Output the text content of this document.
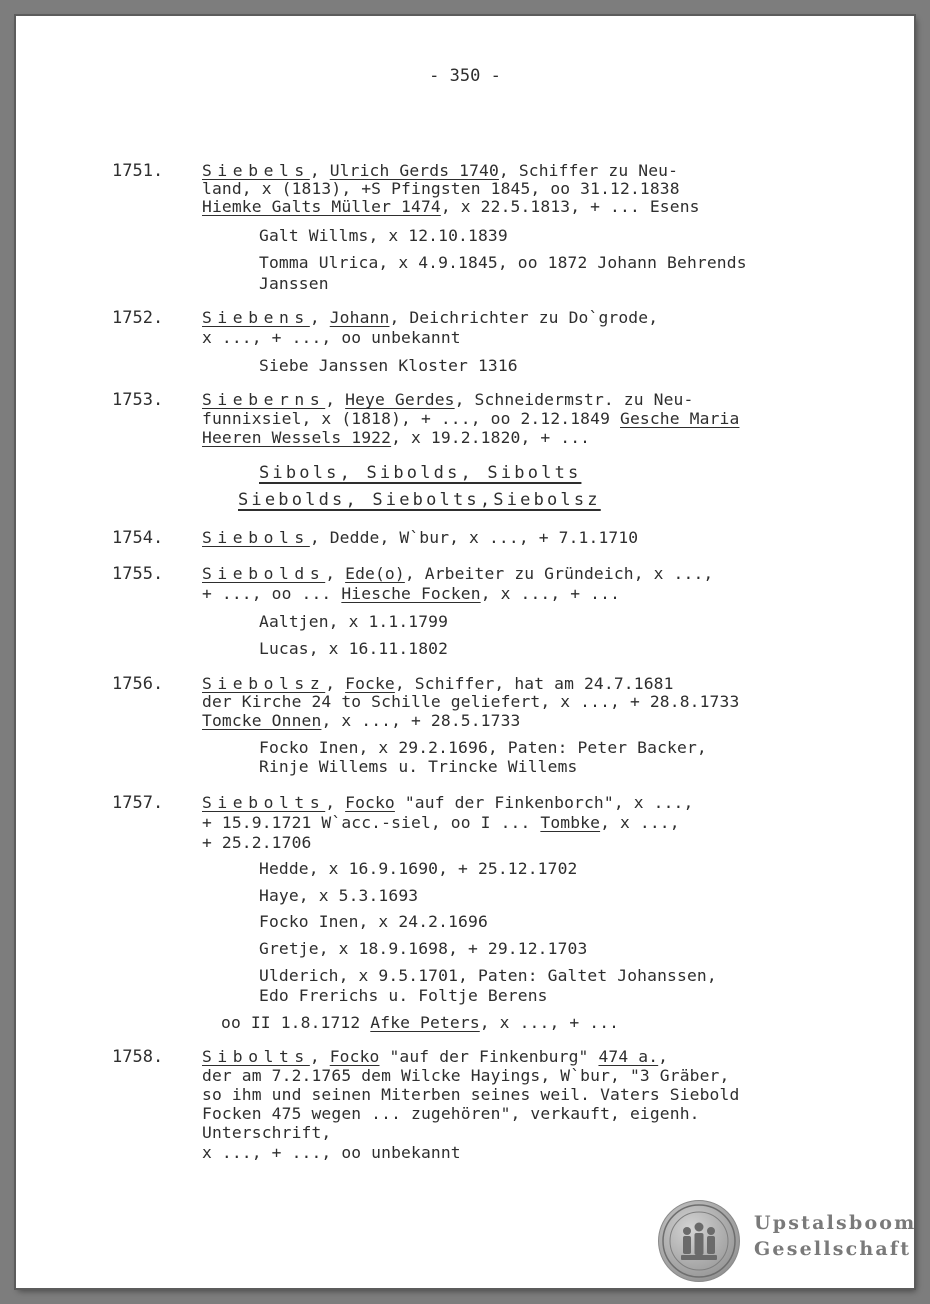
- 350 -
1751. Siebels, Ulrich Gerds 1740, Schiffer zu Neu-
land, x (1813), +S Pfingsten 1845, oo 31.12.1838
Hiemke Galts Müller 1474, x 22.5.1813, + ... Esens
Galt Willms, x 12.10.1839
Tomma Ulrica, x 4.9.1845, oo 1872 Johann Behrends
Janssen
1752. Siebens, Johann, Deichrichter zu Do`grode,
x ..., + ..., oo unbekannt
Siebe Janssen Kloster 1316
1753. Sieberns, Heye Gerdes, Schneidermstr. zu Neu-
funnixsiel, x (1818), + ..., oo 2.12.1849 Gesche Maria
Heeren Wessels 1922, x 19.2.1820, + ...
Sibols, Sibolds, Sibolts
Siebolds, Siebolts,Siebolsz
1754. Siebols, Dedde, W`bur, x ..., + 7.1.1710
1755. Siebolds, Ede(o), Arbeiter zu Gründeich, x ...,
+ ..., oo ... Hiesche Focken, x ..., + ...
Aaltjen, x 1.1.1799
Lucas, x 16.11.1802
1756. Siebolsz, Focke, Schiffer, hat am 24.7.1681
der Kirche 24 to Schille geliefert, x ..., + 28.8.1733
Tomcke Onnen, x ..., + 28.5.1733
Focko Inen, x 29.2.1696, Paten: Peter Backer,
Rinje Willems u. Trincke Willems
1757. Siebolts, Focko "auf der Finkenborch", x ...,
+ 15.9.1721 W`acc.-siel, oo I ... Tombke, x ...,
+ 25.2.1706
Hedde, x 16.9.1690, + 25.12.1702
Haye, x 5.3.1693
Focko Inen, x 24.2.1696
Gretje, x 18.9.1698, + 29.12.1703
Ulderich, x 9.5.1701, Paten: Galtet Johanssen,
Edo Frerichs u. Foltje Berens
oo II 1.8.1712 Afke Peters, x ..., + ...
1758. Sibolts, Focko "auf der Finkenburg" 474 a.,
der am 7.2.1765 dem Wilcke Hayings, W`bur, "3 Gräber,
so ihm und seinen Miterben seines weil. Vaters Siebold
Focken 475 wegen ... zugehören", verkauft, eigenh.
Unterschrift,
x ..., + ..., oo unbekannt
Upstalsboom
Gesellschaft
